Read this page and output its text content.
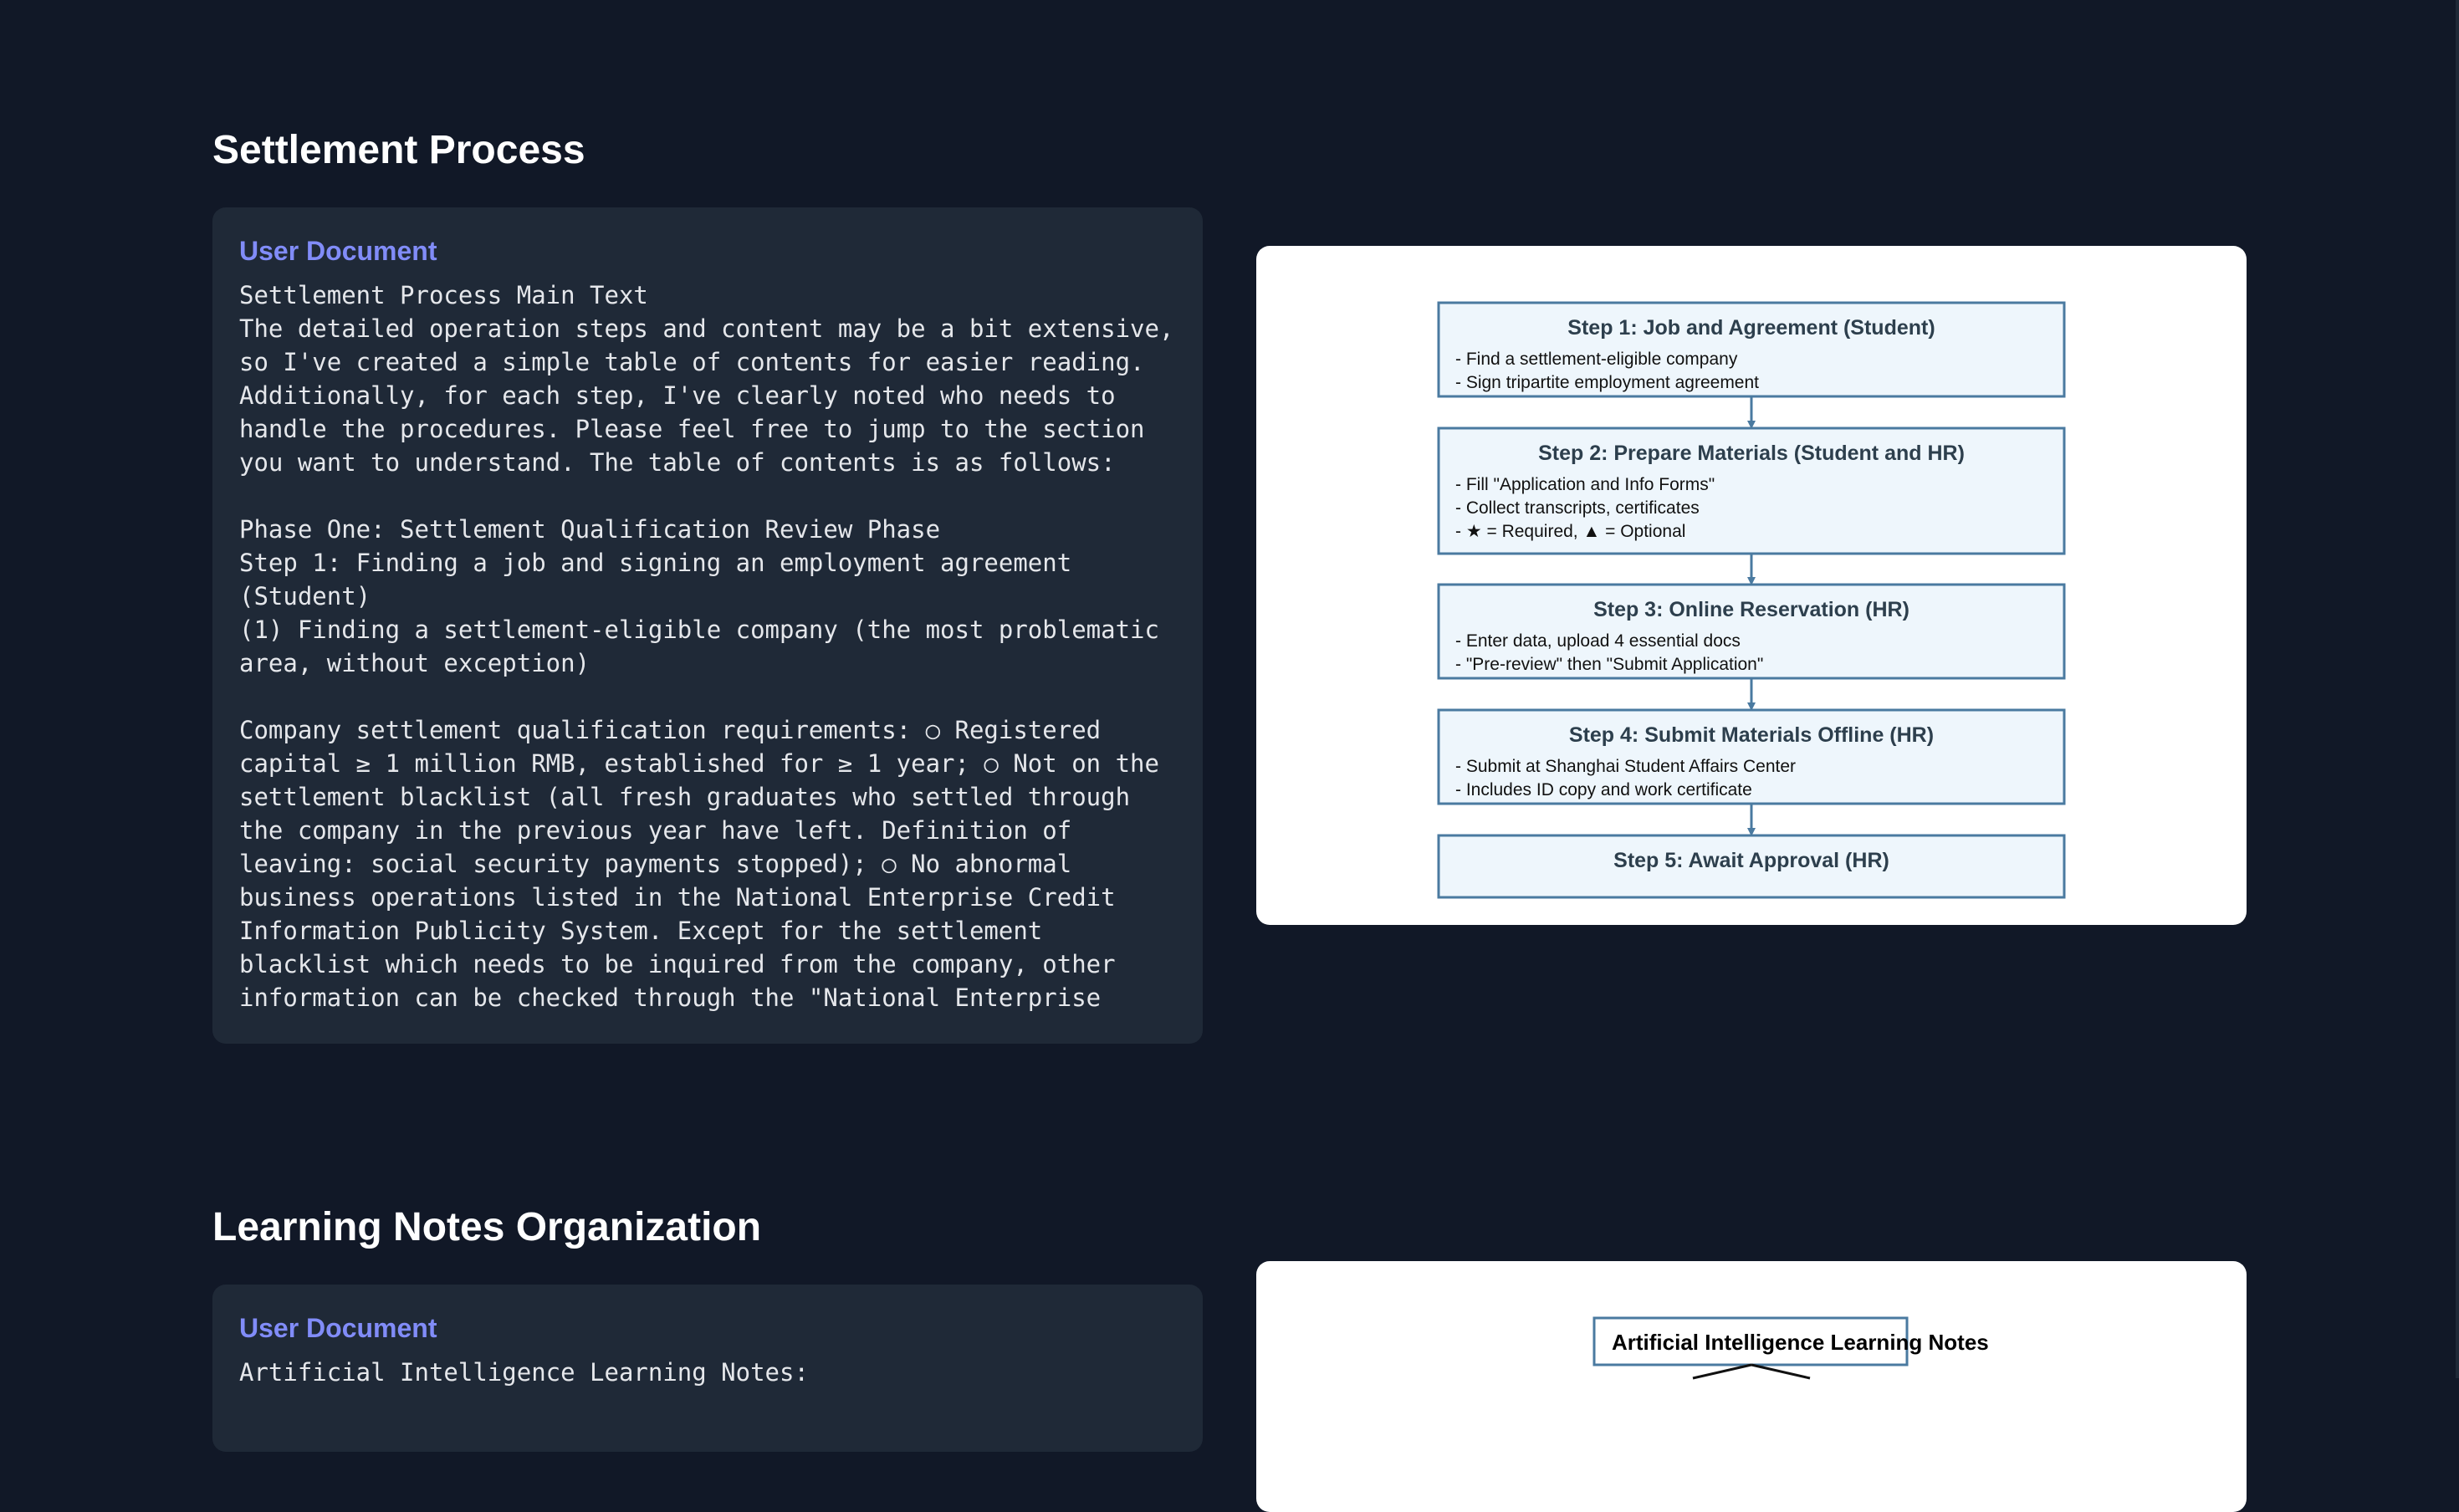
Settlement Process
User Document

Settlement Process Main Text
The detailed operation steps and content may be a bit extensive, so I've created a simple table of contents for easier reading. Additionally, for each step, I've clearly noted who needs to handle the procedures. Please feel free to jump to the section you want to understand. The table of contents is as follows:

Phase One: Settlement Qualification Review Phase
Step 1: Finding a job and signing an employment agreement (Student)
(1) Finding a settlement-eligible company (the most problematic area, without exception)

Company settlement qualification requirements: ○ Registered capital ≥ 1 million RMB, established for ≥ 1 year; ○ Not on the settlement blacklist (all fresh graduates who settled through the company in the previous year have left. Definition of leaving: social security payments stopped); ○ No abnormal business operations listed in the National Enterprise Credit Information Publicity System. Except for the settlement blacklist which needs to be inquired from the company, other information can be checked through the "National Enterprise

Step 1: Job and Agreement (Student)
- Find a settlement-eligible company
- Sign tripartite employment agreement
Step 2: Prepare Materials (Student and HR)
- Fill "Application and Info Forms"
- Collect transcripts, certificates
- ★ = Required, ▲ = Optional
Step 3: Online Reservation (HR)
- Enter data, upload 4 essential docs
- "Pre-review" then "Submit Application"
Step 4: Submit Materials Offline (HR)
- Submit at Shanghai Student Affairs Center
- Includes ID copy and work certificate
Step 5: Await Approval (HR)
Learning Notes Organization
User Document

Artificial Intelligence Learning Notes:

Artificial Intelligence Learning Notes
